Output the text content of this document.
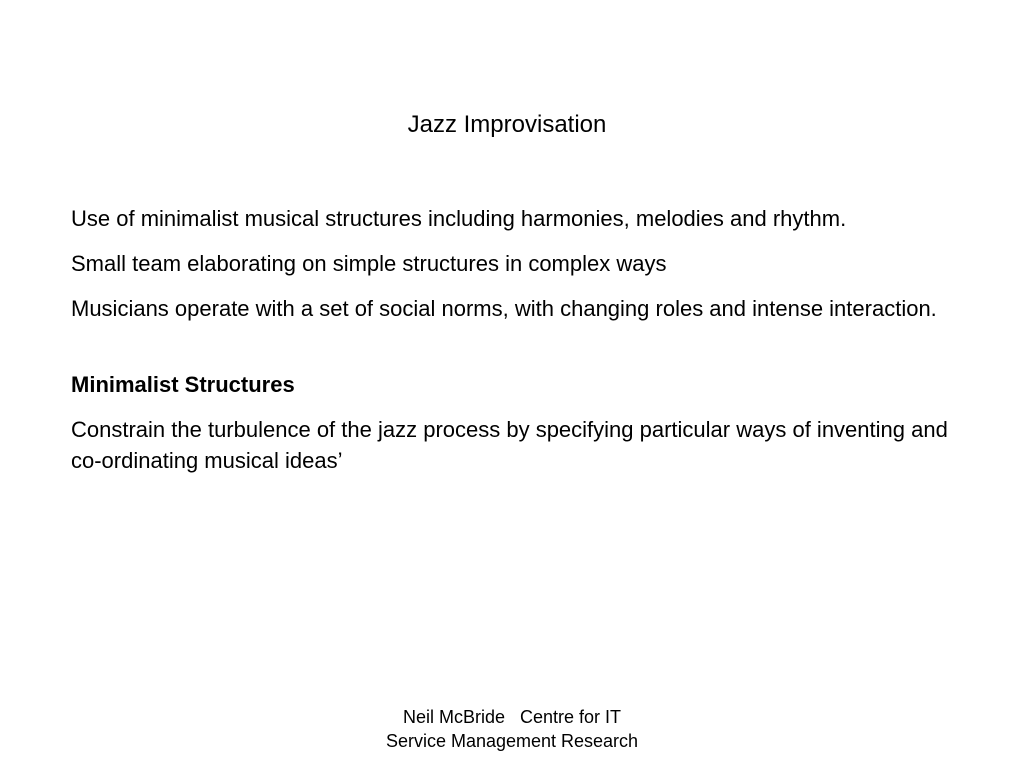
Jazz Improvisation

Use of minimalist musical structures including harmonies, melodies and rhythm.

Small team elaborating on simple structures in complex ways

Musicians operate with a set of social norms, with changing roles and intense interaction.

Minimalist Structures

Constrain the turbulence of the jazz process by specifying particular ways of inventing and co-ordinating musical ideas’

Neil McBride   Centre for IT
Service Management Research
